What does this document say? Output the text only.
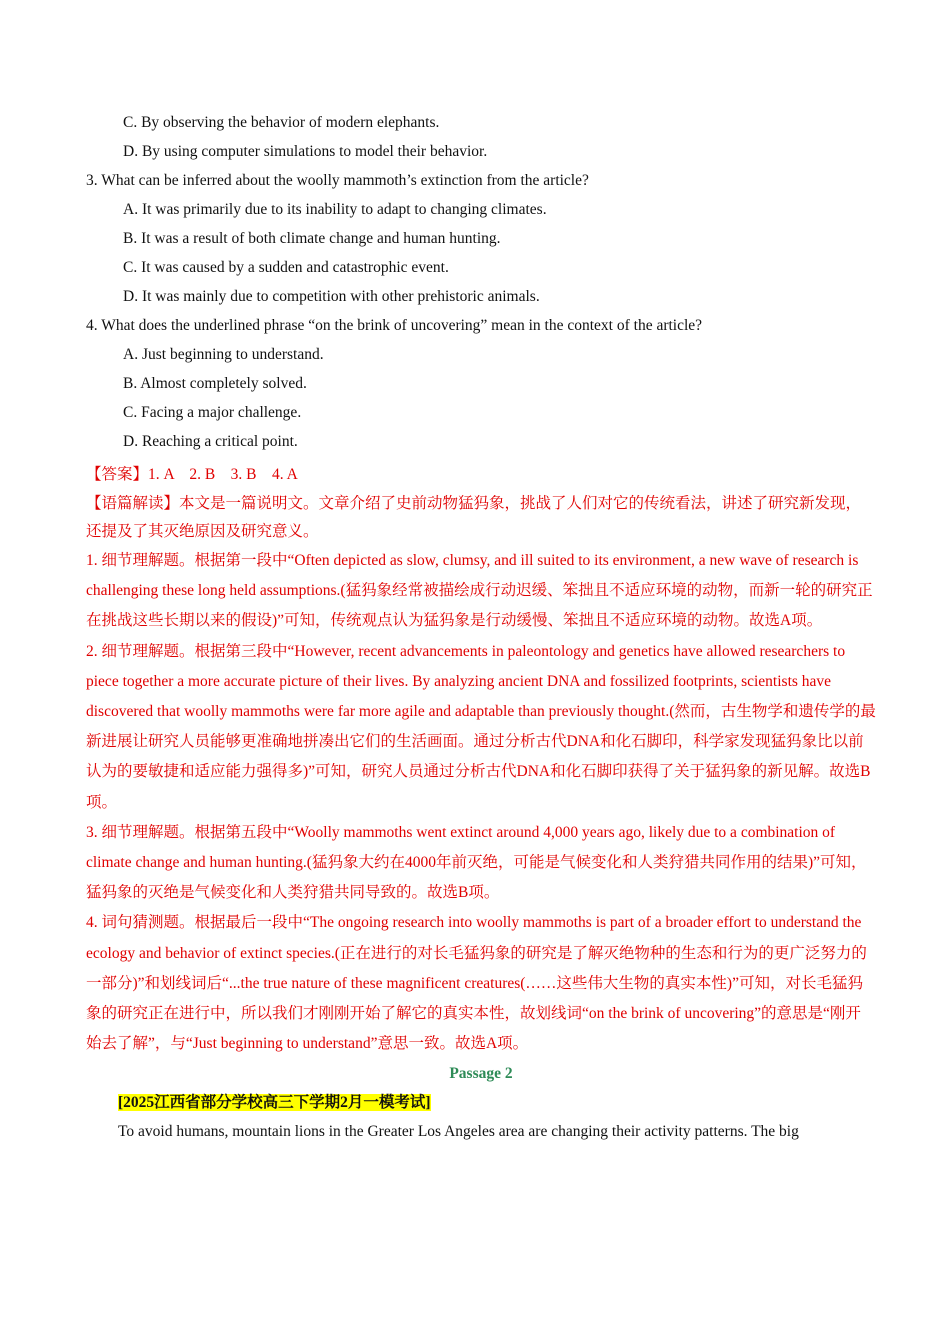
C. By observing the behavior of modern elephants.
D. By using computer simulations to model their behavior.
3. What can be inferred about the woolly mammoth’s extinction from the article?
A. It was primarily due to its inability to adapt to changing climates.
B. It was a result of both climate change and human hunting.
C. It was caused by a sudden and catastrophic event.
D. It was mainly due to competition with other prehistoric animals.
4. What does the underlined phrase “on the brink of uncovering” mean in the context of the article?
A. Just beginning to understand.
B. Almost completely solved.
C. Facing a major challenge.
D. Reaching a critical point.
【答案】1. A　2. B　3. B　4. A

【语篇解读】本文是一篇说明文。文章介绍了史前动物猛犸象，挑战了人们对它的传统看法，讲述了研究新发现，还提及了其灭绝原因及研究意义。

1. 细节理解题。根据第一段中“Often depicted as slow, clumsy, and ill suited to its environment, a new wave of research is challenging these long held assumptions.(猛犸象经常被描绘成行动迟缓、笨拙且不适应环境的动物，而新一轮的研究正在挑战这些长期以来的假设)”可知，传统观点认为猛犸象是行动缓慢、笨拙且不适应环境的动物。故选A项。

2. 细节理解题。根据第三段中“However, recent advancements in paleontology and genetics have allowed researchers to piece together a more accurate picture of their lives. By analyzing ancient DNA and fossilized footprints, scientists have discovered that woolly mammoths were far more agile and adaptable than previously thought.(然而，古生物学和遗传学的最新进展让研究人员能够更准确地拼凑出它们的生活画面。通过分析古代DNA和化石脚印，科学家发现猛犸象比以前认为的要敏捷和适应能力强得多)”可知，研究人员通过分析古代DNA和化石脚印获得了关于猛犸象的新见解。故选B项。

3. 细节理解题。根据第五段中“Woolly mammoths went extinct around 4,000 years ago, likely due to a combination of climate change and human hunting.(猛犸象大约在4000年前灭绝，可能是气候变化和人类狩猎共同作用的结果)”可知，猛犸象的灭绝是气候变化和人类狩猎共同导致的。故选B项。

4. 词句猜测题。根据最后一段中“The ongoing research into woolly mammoths is part of a broader effort to understand the ecology and behavior of extinct species.(正在进行的对长毛猛犸象的研究是了解灭绝物种的生态和行为的更广泛努力的一部分)”和划线词后“...the true nature of these magnificent creatures(……这些伟大生物的真实本性)”可知，对长毛猛犸象的研究正在进行中，所以我们才刚刚开始了解它的真实本性，故划线词“on the brink of uncovering”的意思是“刚开始去了解”，与“Just beginning to understand”意思一致。故选A项。

Passage 2
[2025江西省部分学校高三下学期2月一模考试]
To avoid humans, mountain lions in the Greater Los Angeles area are changing their activity patterns. The big
